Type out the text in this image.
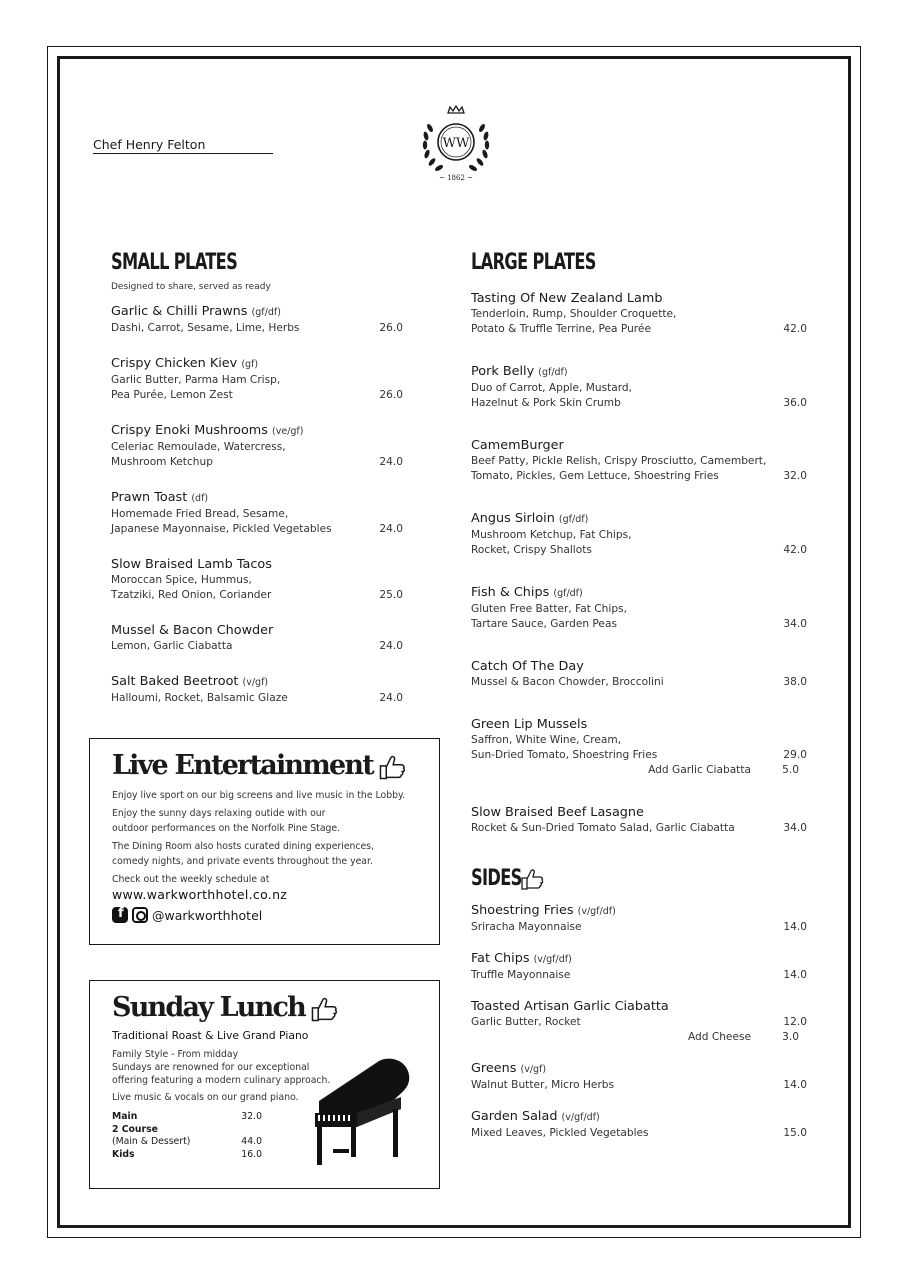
Chef Henry Felton	WW
~ 1862 ~
SMALL PLATES
Designed to share, served as ready
Garlic & Chilli Prawns (gf/df)
Dashi, Carrot, Sesame, Lime, Herbs	26.0
Crispy Chicken Kiev (gf)
Garlic Butter, Parma Ham Crisp,
Pea Purée, Lemon Zest	26.0
Crispy Enoki Mushrooms (ve/gf)
Celeriac Remoulade, Watercress,
Mushroom Ketchup	24.0
Prawn Toast (df)
Homemade Fried Bread, Sesame,
Japanese Mayonnaise, Pickled Vegetables	24.0
Slow Braised Lamb Tacos
Moroccan Spice, Hummus,
Tzatziki, Red Onion, Coriander	25.0
Mussel & Bacon Chowder
Lemon, Garlic Ciabatta	24.0
Salt Baked Beetroot (v/gf)
Halloumi, Rocket, Balsamic Glaze	24.0
LARGE PLATES
Tasting Of New Zealand Lamb
Tenderloin, Rump, Shoulder Croquette,
Potato & Truffle Terrine, Pea Purée	42.0
Pork Belly (gf/df)
Duo of Carrot, Apple, Mustard,
Hazelnut & Pork Skin Crumb	36.0
CamemBurger
Beef Patty, Pickle Relish, Crispy Prosciutto, Camembert,
Tomato, Pickles, Gem Lettuce, Shoestring Fries	32.0
Angus Sirloin (gf/df)
Mushroom Ketchup, Fat Chips,
Rocket, Crispy Shallots	42.0
Fish & Chips (gf/df)
Gluten Free Batter, Fat Chips,
Tartare Sauce, Garden Peas	34.0
Catch Of The Day
Mussel & Bacon Chowder, Broccolini	38.0
Green Lip Mussels
Saffron, White Wine, Cream,
Sun-Dried Tomato, Shoestring Fries	29.0
Add Garlic Ciabatta	5.0
Slow Braised Beef Lasagne
Rocket & Sun-Dried Tomato Salad, Garlic Ciabatta	34.0
SIDES
Shoestring Fries (v/gf/df)
Sriracha Mayonnaise	14.0
Fat Chips (v/gf/df)
Truffle Mayonnaise	14.0
Toasted Artisan Garlic Ciabatta
Garlic Butter, Rocket	12.0
Add Cheese	3.0
Greens (v/gf)
Walnut Butter, Micro Herbs	14.0
Garden Salad (v/gf/df)
Mixed Leaves, Pickled Vegetables	15.0
Live Entertainment

Enjoy live sport on our big screens and live music in the Lobby.

Enjoy the sunny days relaxing outide with our
outdoor performances on the Norfolk Pine Stage.

The Dining Room also hosts curated dining experiences,
comedy nights, and private events throughout the year.

Check out the weekly schedule at

www.warkworthhotel.co.nz

f
@warkworthhotel
Sunday Lunch
Traditional Roast & Live Grand Piano

Family Style - From midday
Sundays are renowned for our exceptional
offering featuring a modern culinary approach.

Live music & vocals on our grand piano.

Main	32.0
2 Course
(Main & Dessert)	44.0
Kids	16.0
